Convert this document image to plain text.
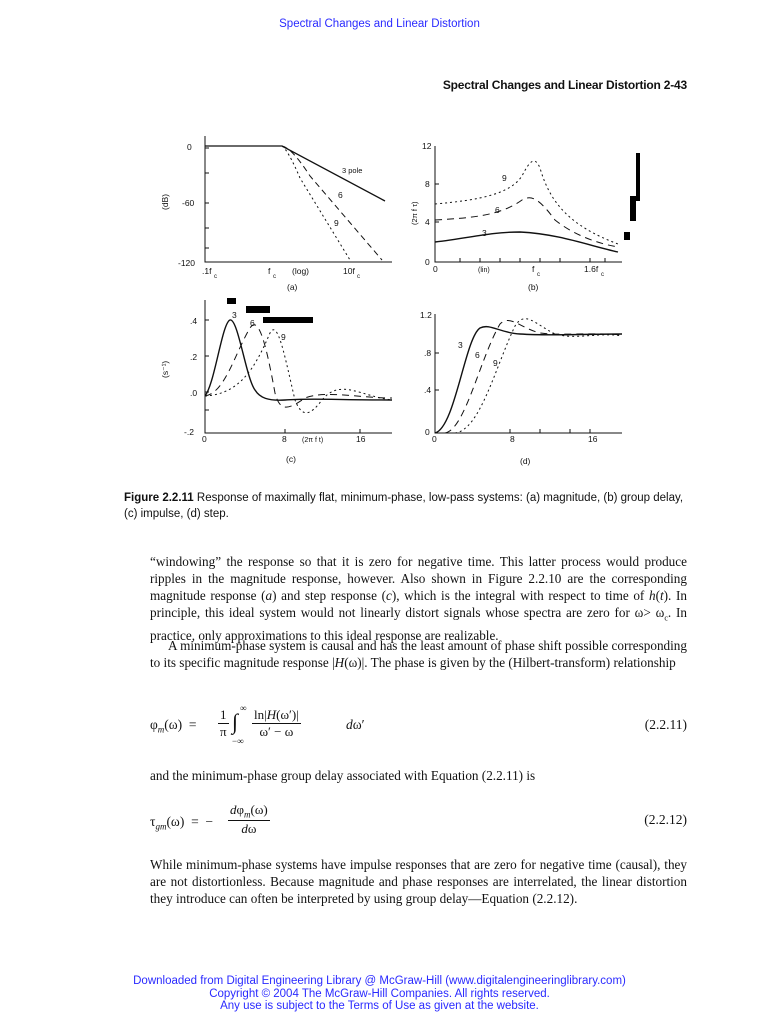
Spectral Changes and Linear Distortion
Spectral Changes and Linear Distortion 2-43
0
-60
-120
(dB)
.1f
c
f
c
(log)	10f
c
3 pole
6
9
(a)
12
8
4
0
(2π f τ)
0	(lin)	f
c
1.6f
c
9
6
3
(b)
.4
.2
.0
-.2
(s⁻¹)
0	8 (2π f t)	16
3
6
9
(c)
1.2
.8
.4
0
0	8	16
3
6
9
(d)
Figure 2.2.11 Response of maximally flat, minimum-phase, low-pass systems: (a) magnitude, (b) group delay, (c) impulse, (d) step.
“windowing” the response so that it is zero for negative time. This latter process would produce ripples in the magnitude response, however. Also shown in Figure 2.2.10 are the corresponding magnitude response (a) and step response (c), which is the integral with respect to time of h(t). In principle, this ideal system would not linearly distort signals whose spectra are zero for $\omega> \omega_c$. In practice, only approximations to this ideal response are realizable.
A minimum-phase system is causal and has the least amount of phase shift possible corresponding to its specific magnitude response |H(ω)|. The phase is given by the (Hilbert-transform) relationship
$\varphi_m(\omega) = \frac{1}{\pi}$ ∫
∞
−∞
$\frac{\ln|H(\omega')|}{\omega' - \omega}$	dω′	(2.2.11)
and the minimum-phase group delay associated with Equation (2.2.11) is
$\tau_{gm}(\omega)$  =  −
$d\varphi_m(\omega)$
dω
(2.2.12)
While minimum-phase systems have impulse responses that are zero for negative time (causal), they are not distortionless. Because magnitude and phase responses are interrelated, the linear distortion they introduce can often be interpreted by using group delay—Equation (2.2.12).
Downloaded from Digital Engineering Library @ McGraw-Hill (www.digitalengineeringlibrary.com)
Copyright © 2004 The McGraw-Hill Companies. All rights reserved.
Any use is subject to the Terms of Use as given at the website.
